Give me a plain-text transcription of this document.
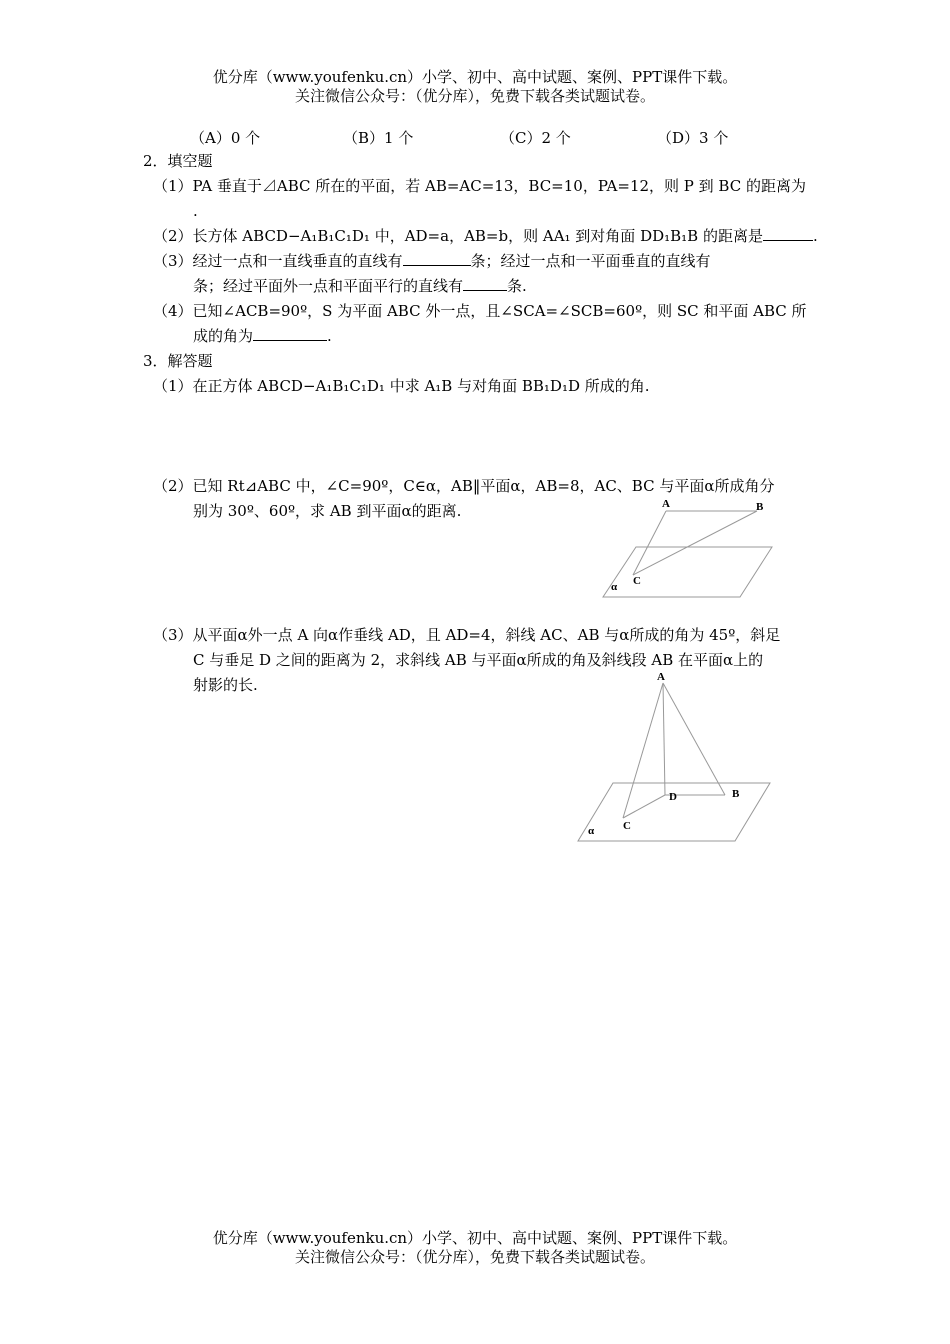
优分库（www.youfenku.cn）小学、初中、高中试题、案例、PPT课件下载。
关注微信公众号：（优分库），免费下载各类试题试卷。
（A）0 个	（B）1 个	（C）2 个	（D）3 个
2．填空题
（1）PA 垂直于⊿ABC 所在的平面，若 AB=AC=13，BC=10，PA=12，则 P 到 BC 的距离为
.
（2）长方体 ABCD−A₁B₁C₁D₁ 中，AD=a，AB=b，则 AA₁ 到对角面 DD₁B₁B 的距离是	.
（3）经过一点和一直线垂直的直线有	条；经过一点和一平面垂直的直线有
条；经过平面外一点和平面平行的直线有	条.
（4）已知∠ACB=90º，S 为平面 ABC 外一点，且∠SCA=∠SCB=60º，则 SC 和平面 ABC 所
成的角为	.
3．解答题
（1）在正方体 ABCD−A₁B₁C₁D₁ 中求 A₁B 与对角面 BB₁D₁D 所成的角.
（2）已知 Rt⊿ABC 中，∠C=90º，C∈α，AB‖平面α，AB=8，AC、BC 与平面α所成角分
别为 30º、60º，求 AB 到平面α的距离.	A	B
C
α
（3）从平面α外一点 A 向α作垂线 AD，且 AD=4，斜线 AC、AB 与α所成的角为 45º，斜足
C 与垂足 D 之间的距离为 2，求斜线 AB 与平面α所成的角及斜线段 AB 在平面α上的
射影的长.	A
B
C
D
α
优分库（www.youfenku.cn）小学、初中、高中试题、案例、PPT课件下载。
关注微信公众号：（优分库），免费下载各类试题试卷。
